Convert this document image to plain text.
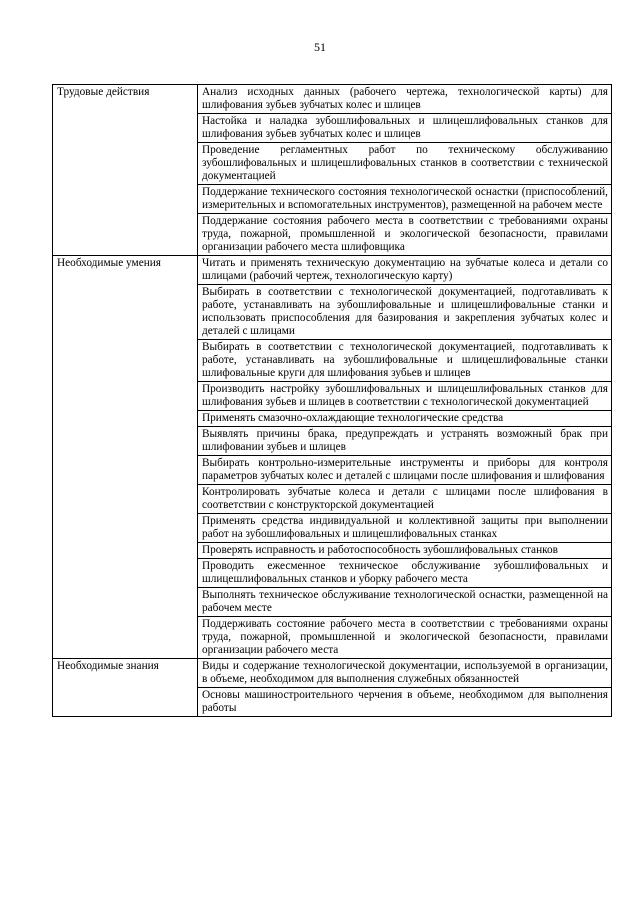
51
Трудовые действия	Анализ исходных данных (рабочего чертежа, технологической карты) для шлифования зубьев зубчатых колес и шлицев
	Настойка и наладка зубошлифовальных и шлицешлифовальных станков для шлифования зубьев зубчатых колес и шлицев
	Проведение регламентных работ по техническому обслуживанию зубошлифовальных и шлицешлифовальных станков в соответствии с технической документацией
	Поддержание технического состояния технологической оснастки (приспособлений, измерительных и вспомогательных инструментов), размещенной на рабочем месте
	Поддержание состояния рабочего места в соответствии с требованиями охраны труда, пожарной, промышленной и экологической безопасности, правилами организации рабочего места шлифовщика
Необходимые умения	Читать и применять техническую документацию на зубчатые колеса и детали со шлицами (рабочий чертеж, технологическую карту)
	Выбирать в соответствии с технологической документацией, подготавливать к работе, устанавливать на зубошлифовальные и шлицешлифовальные станки и использовать приспособления для базирования и закрепления зубчатых колес и деталей с шлицами
	Выбирать в соответствии с технологической документацией, подготавливать к работе, устанавливать на зубошлифовальные и шлицешлифовальные станки шлифовальные круги для шлифования зубьев и шлицев
	Производить настройку зубошлифовальных и шлицешлифовальных станков для шлифования зубьев и шлицев в соответствии с технологической документацией
	Применять смазочно-охлаждающие технологические средства
	Выявлять причины брака, предупреждать и устранять возможный брак при шлифовании зубьев и шлицев
	Выбирать контрольно-измерительные инструменты и приборы для контроля параметров зубчатых колес и деталей с шлицами после шлифования и шлифования
	Контролировать зубчатые колеса и детали с шлицами после шлифования в соответствии с конструкторской документацией
	Применять средства индивидуальной и коллективной защиты при выполнении работ на зубошлифовальных и шлицешлифовальных станках
	Проверять исправность и работоспособность зубошлифовальных станков
	Проводить ежесменное техническое обслуживание зубошлифовальных и шлицешлифовальных станков и уборку рабочего места
	Выполнять техническое обслуживание технологической оснастки, размещенной на рабочем месте
	Поддерживать состояние рабочего места в соответствии с требованиями охраны труда, пожарной, промышленной и экологической безопасности, правилами организации рабочего места
Необходимые знания	Виды и содержание технологической документации, используемой в организации, в объеме, необходимом для выполнения служебных обязанностей
	Основы машиностроительного черчения в объеме, необходимом для выполнения работы
